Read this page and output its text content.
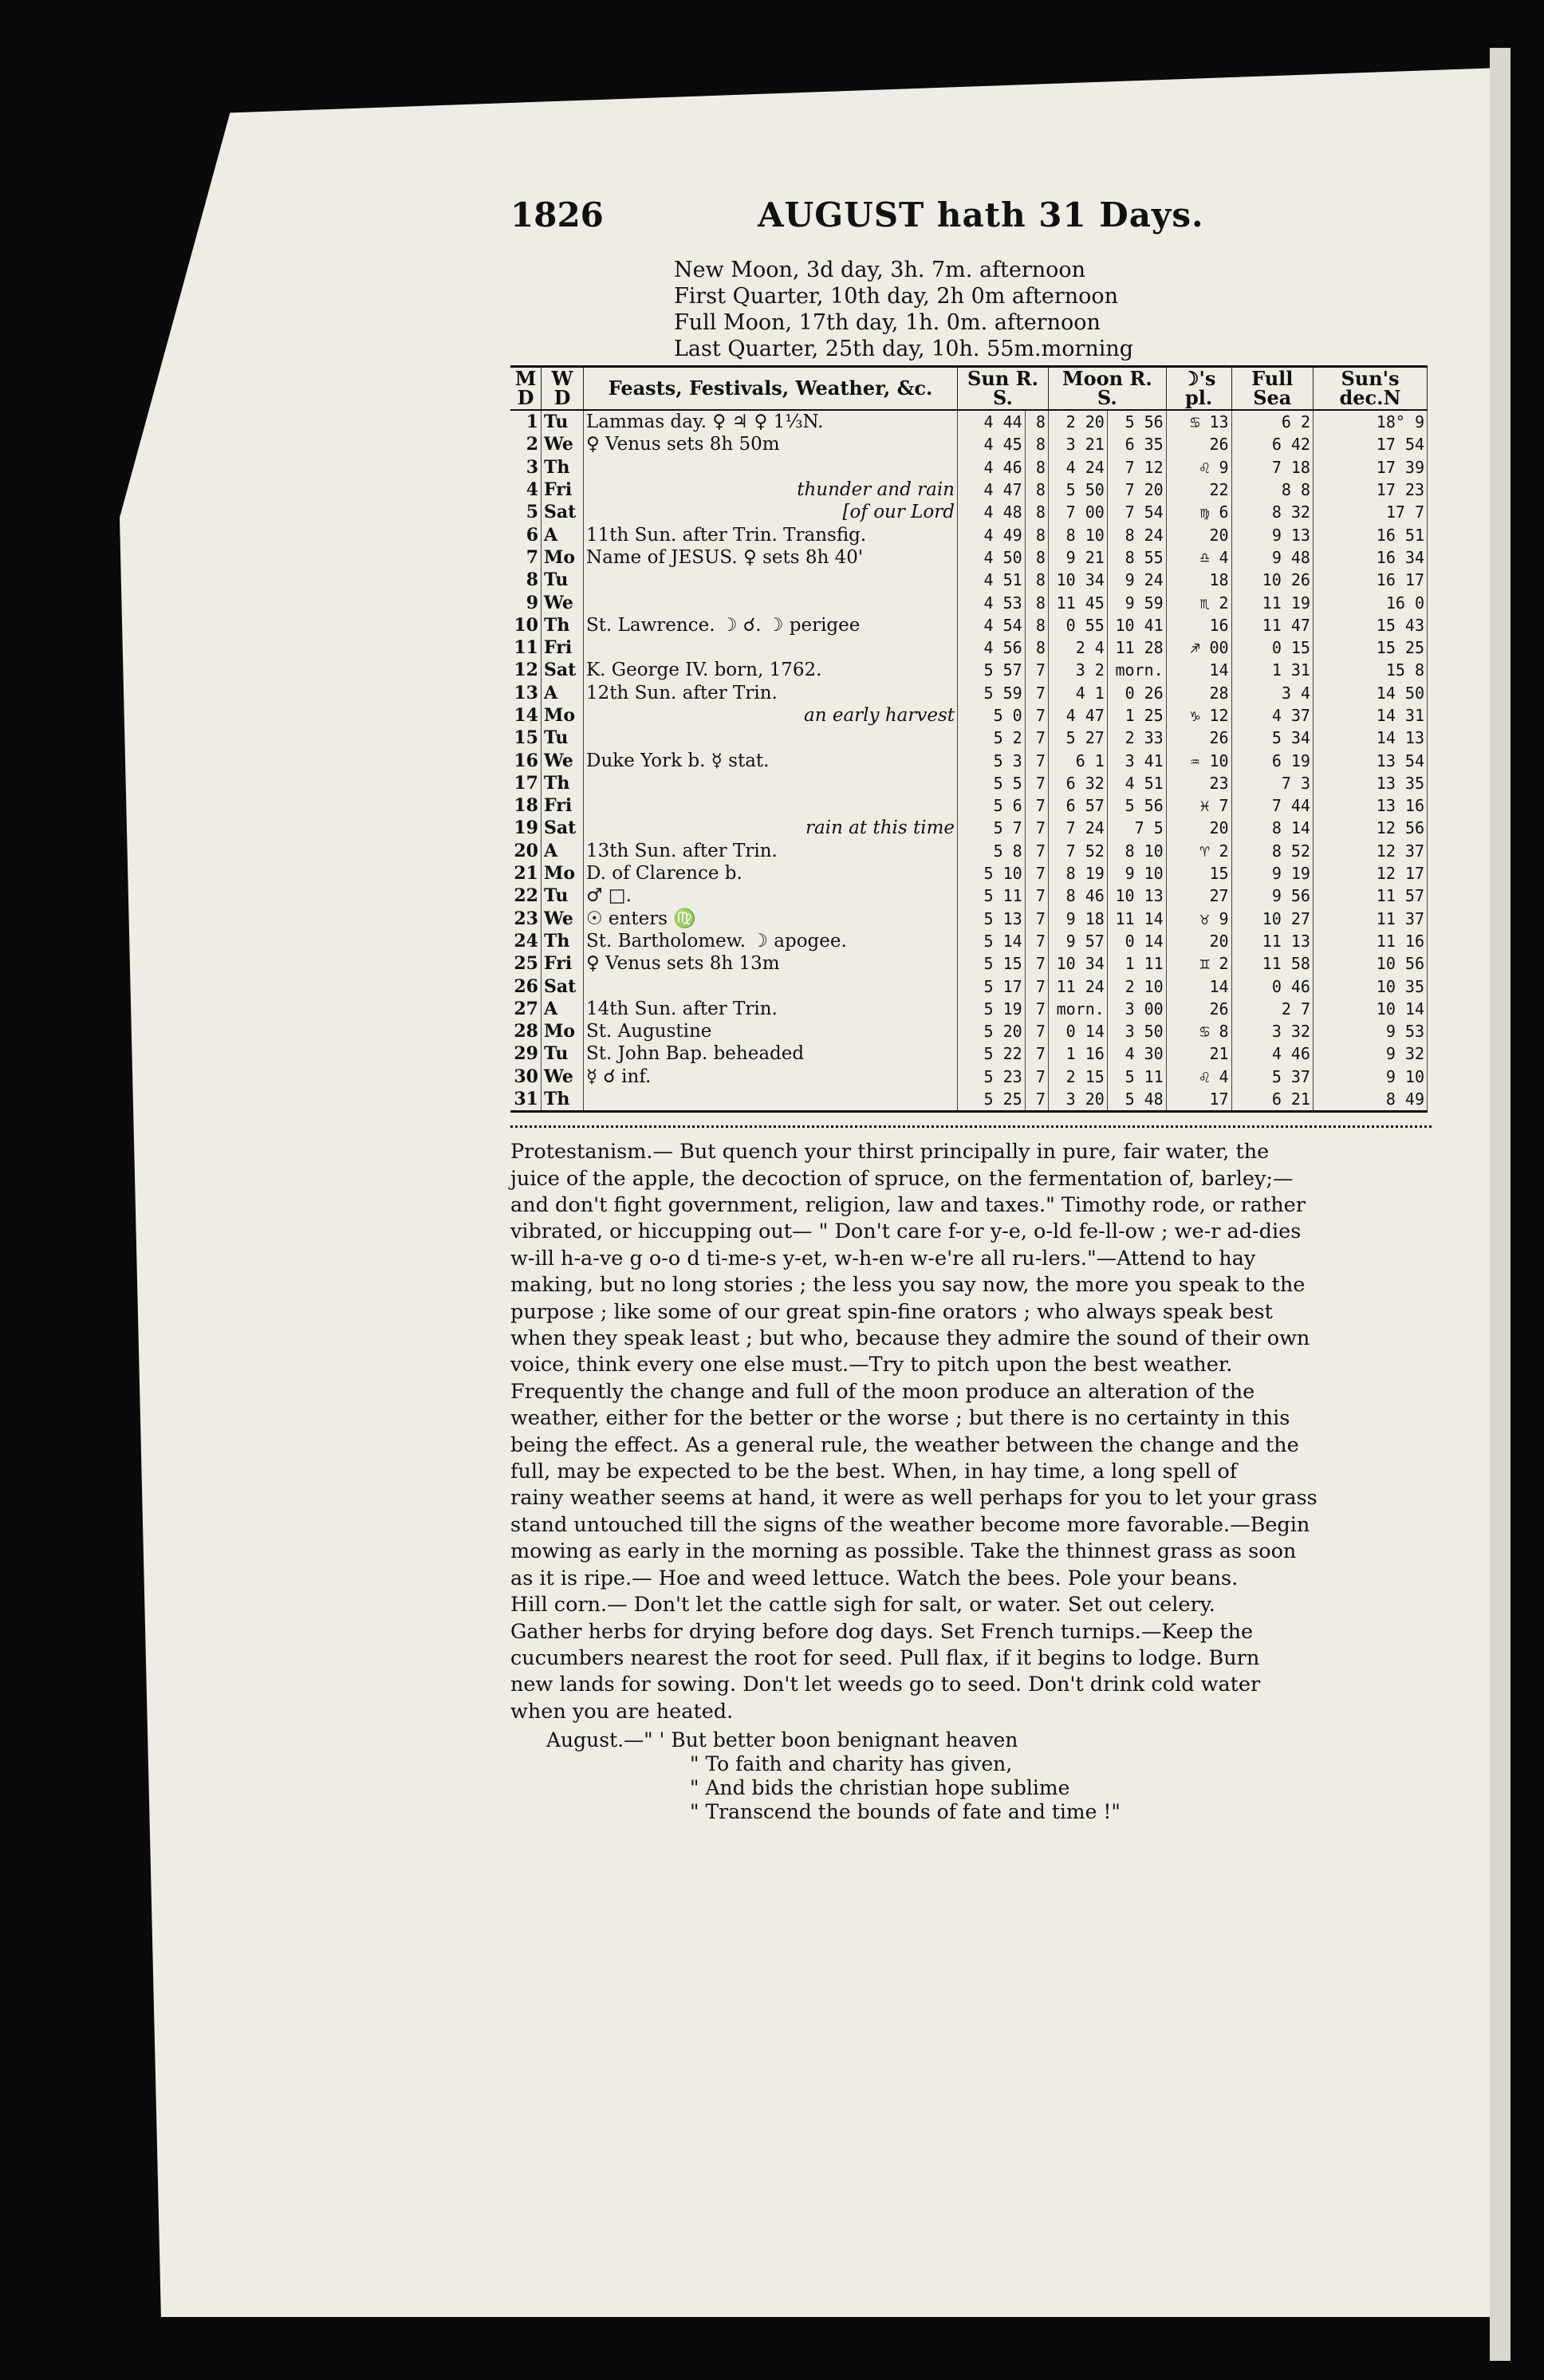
1826	AUGUST hath 31 Days.
New Moon, 3d day, 3h. 7m. afternoon
First Quarter, 10th day, 2h 0m afternoon
Full Moon, 17th day, 1h. 0m. afternoon
Last Quarter, 25th day, 10h. 55m.morning
M D	W D	Feasts, Festivals, Weather, &c.	Sun R. S.		Moon R. S.		☽'s pl.	Full Sea	Sun's dec.N
1	Tu	Lammas day. ♀ ♃ ♀ 1⅓N.	4 44	8	2 20	5 56	♋ 13	6 2	18° 9
2	We	♀ Venus sets 8h 50m	4 45	8	3 21	6 35	26	6 42	17 54
3	Th		4 46	8	4 24	7 12	♌ 9	7 18	17 39
4	Fri	thunder and rain	4 47	8	5 50	7 20	22	8 8	17 23
5	Sat	[of our Lord	4 48	8	7 00	7 54	♍ 6	8 32	17 7
6	A	11th Sun. after Trin. Transfig.	4 49	8	8 10	8 24	20	9 13	16 51
7	Mo	Name of JESUS. ♀ sets 8h 40'	4 50	8	9 21	8 55	♎ 4	9 48	16 34
8	Tu		4 51	8	10 34	9 24	18	10 26	16 17
9	We		4 53	8	11 45	9 59	♏ 2	11 19	16 0
10	Th	St. Lawrence. ☽ ☌. ☽ perigee	4 54	8	0 55	10 41	16	11 47	15 43
11	Fri		4 56	8	2 4	11 28	♐ 00	0 15	15 25
12	Sat	K. George IV. born, 1762.	5 57	7	3 2	morn.	14	1 31	15 8
13	A	12th Sun. after Trin.	5 59	7	4 1	0 26	28	3 4	14 50
14	Mo	an early harvest	5 0	7	4 47	1 25	♑ 12	4 37	14 31
15	Tu		5 2	7	5 27	2 33	26	5 34	14 13
16	We	Duke York b. ☿ stat.	5 3	7	6 1	3 41	♒ 10	6 19	13 54
17	Th		5 5	7	6 32	4 51	23	7 3	13 35
18	Fri		5 6	7	6 57	5 56	♓ 7	7 44	13 16
19	Sat	rain at this time	5 7	7	7 24	7 5	20	8 14	12 56
20	A	13th Sun. after Trin.	5 8	7	7 52	8 10	♈ 2	8 52	12 37
21	Mo	D. of Clarence b.	5 10	7	8 19	9 10	15	9 19	12 17
22	Tu	♂ □.	5 11	7	8 46	10 13	27	9 56	11 57
23	We	☉ enters ♍	5 13	7	9 18	11 14	♉ 9	10 27	11 37
24	Th	St. Bartholomew. ☽ apogee.	5 14	7	9 57	0 14	20	11 13	11 16
25	Fri	♀ Venus sets 8h 13m	5 15	7	10 34	1 11	♊ 2	11 58	10 56
26	Sat		5 17	7	11 24	2 10	14	0 46	10 35
27	A	14th Sun. after Trin.	5 19	7	morn.	3 00	26	2 7	10 14
28	Mo	St. Augustine	5 20	7	0 14	3 50	♋ 8	3 32	9 53
29	Tu	St. John Bap. beheaded	5 22	7	1 16	4 30	21	4 46	9 32
30	We	☿ ☌ inf.	5 23	7	2 15	5 11	♌ 4	5 37	9 10
31	Th		5 25	7	3 20	5 48	17	6 21	8 49
Protestanism.— But quench your thirst principally in pure, fair water, the
juice of the apple, the decoction of spruce, on the fermentation of, barley;—
and don't fight government, religion, law and taxes." Timothy rode, or rather
vibrated, or hiccupping out— " Don't care f-or y-e, o-ld fe-ll-ow ; we-r ad-dies
w-ill h-a-ve g o-o d ti-me-s y-et, w-h-en w-e're all ru-lers."—Attend to hay
making, but no long stories ; the less you say now, the more you speak to the
purpose ; like some of our great spin-fine orators ; who always speak best
when they speak least ; but who, because they admire the sound of their own
voice, think every one else must.—Try to pitch upon the best weather.
Frequently the change and full of the moon produce an alteration of the
weather, either for the better or the worse ; but there is no certainty in this
being the effect. As a general rule, the weather between the change and the
full, may be expected to be the best. When, in hay time, a long spell of
rainy weather seems at hand, it were as well perhaps for you to let your grass
stand untouched till the signs of the weather become more favorable.—Begin
mowing as early in the morning as possible. Take the thinnest grass as soon
as it is ripe.— Hoe and weed lettuce. Watch the bees. Pole your beans.
Hill corn.— Don't let the cattle sigh for salt, or water. Set out celery.
Gather herbs for drying before dog days. Set French turnips.—Keep the
cucumbers nearest the root for seed. Pull flax, if it begins to lodge. Burn
new lands for sowing. Don't let weeds go to seed. Don't drink cold water
when you are heated.
August.—" ' But better boon benignant heaven
" To faith and charity has given,
" And bids the christian hope sublime
" Transcend the bounds of fate and time !"
